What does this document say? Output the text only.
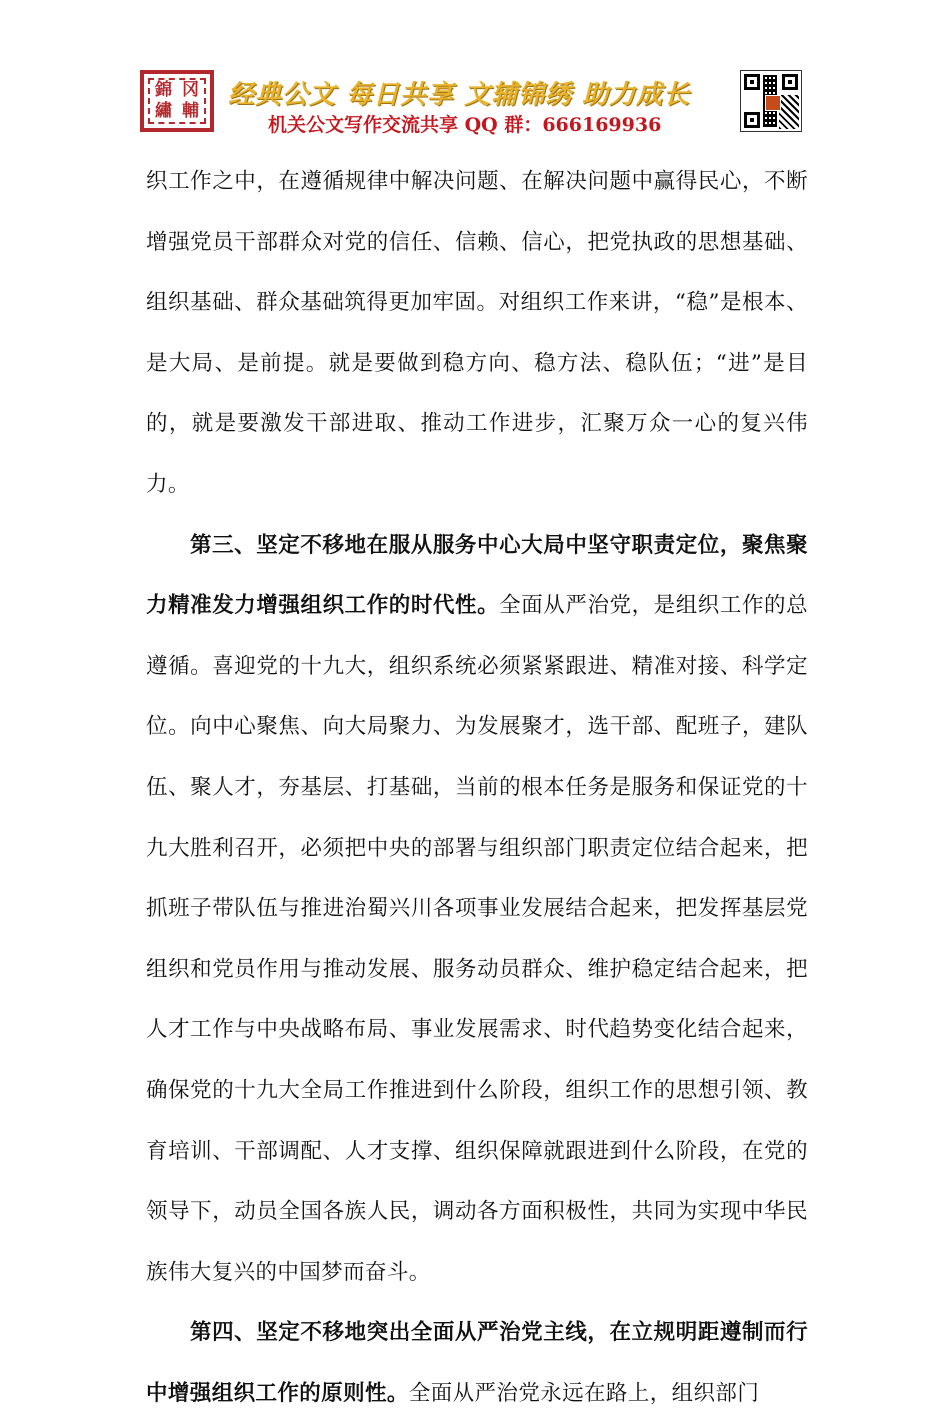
錦 冈
繡 輔
经典公文 每日共享 文辅锦绣 助力成长
机关公文写作交流共享 QQ 群：666169936

织工作之中，在遵循规律中解决问题、在解决问题中赢得民心，不断增强党员干部群众对党的信任、信赖、信心，把党执政的思想基础、组织基础、群众基础筑得更加牢固。对组织工作来讲，“稳”是根本、是大局、是前提。就是要做到稳方向、稳方法、稳队伍；“进”是目的，就是要激发干部进取、推动工作进步，汇聚万众一心的复兴伟力。

第三、坚定不移地在服从服务中心大局中坚守职责定位，聚焦聚力精准发力增强组织工作的时代性。全面从严治党，是组织工作的总遵循。喜迎党的十九大，组织系统必须紧紧跟进、精准对接、科学定位。向中心聚焦、向大局聚力、为发展聚才，选干部、配班子，建队伍、聚人才，夯基层、打基础，当前的根本任务是服务和保证党的十九大胜利召开，必须把中央的部署与组织部门职责定位结合起来，把抓班子带队伍与推进治蜀兴川各项事业发展结合起来，把发挥基层党组织和党员作用与推动发展、服务动员群众、维护稳定结合起来，把人才工作与中央战略布局、事业发展需求、时代趋势变化结合起来，确保党的十九大全局工作推进到什么阶段，组织工作的思想引领、教育培训、干部调配、人才支撑、组织保障就跟进到什么阶段，在党的领导下，动员全国各族人民，调动各方面积极性，共同为实现中华民族伟大复兴的中国梦而奋斗。

第四、坚定不移地突出全面从严治党主线，在立规明距遵制而行中增强组织工作的原则性。全面从严治党永远在路上，组织部门
